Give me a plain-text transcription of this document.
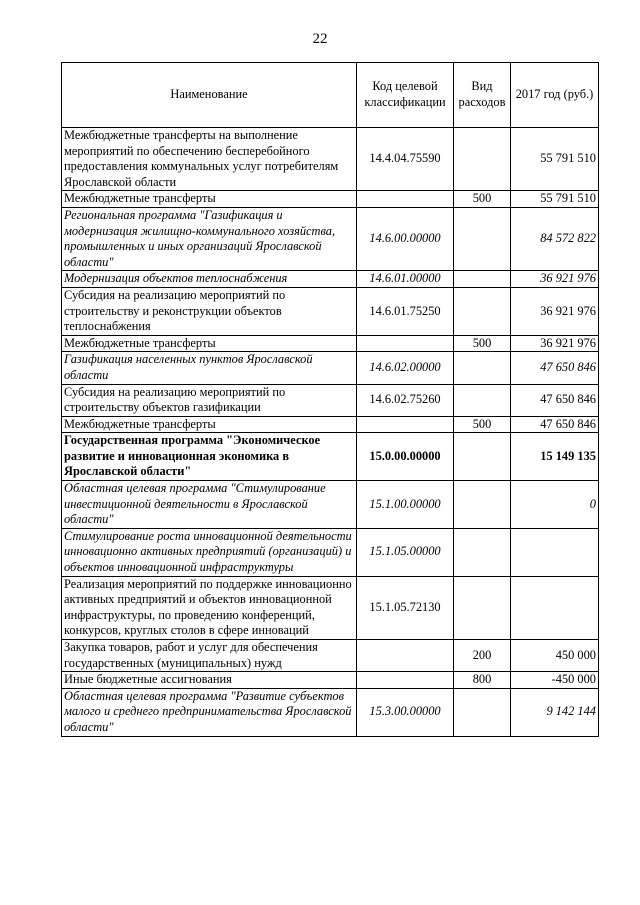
22
Наименование	Код целевой классификации	Вид расходов	2017 год (руб.)
Межбюджетные трансферты на выполнение мероприятий по обеспечению бесперебойного предоставления коммунальных услуг потребителям Ярославской области	14.4.04.75590		55 791 510
Межбюджетные трансферты		500	55 791 510
Региональная программа "Газификация и модернизация жилищно-коммунального хозяйства, промышленных и иных организаций Ярославской области"	14.6.00.00000		84 572 822
Модернизация объектов теплоснабжения	14.6.01.00000		36 921 976
Субсидия на реализацию мероприятий по строительству и реконструкции объектов теплоснабжения	14.6.01.75250		36 921 976
Межбюджетные трансферты		500	36 921 976
Газификация населенных пунктов Ярославской области	14.6.02.00000		47 650 846
Субсидия на реализацию мероприятий по строительству объектов газификации	14.6.02.75260		47 650 846
Межбюджетные трансферты		500	47 650 846
Государственная программа "Экономическое развитие и инновационная экономика в Ярославской области"	15.0.00.00000		15 149 135
Областная целевая программа "Стимулирование инвестиционной деятельности в Ярославской области"	15.1.00.00000		0
Стимулирование роста инновационной деятельности инновационно активных предприятий (организаций) и объектов инновационной инфраструктуры	15.1.05.00000		
Реализация мероприятий по поддержке инновационно активных предприятий и объектов инновационной инфраструктуры, по проведению конференций, конкурсов, круглых столов в сфере инноваций	15.1.05.72130		
Закупка товаров, работ и услуг для обеспечения государственных (муниципальных) нужд		200	450 000
Иные бюджетные ассигнования		800	-450 000
Областная целевая программа "Развитие субъектов малого и среднего предпринимательства Ярославской области"	15.3.00.00000		9 142 144
